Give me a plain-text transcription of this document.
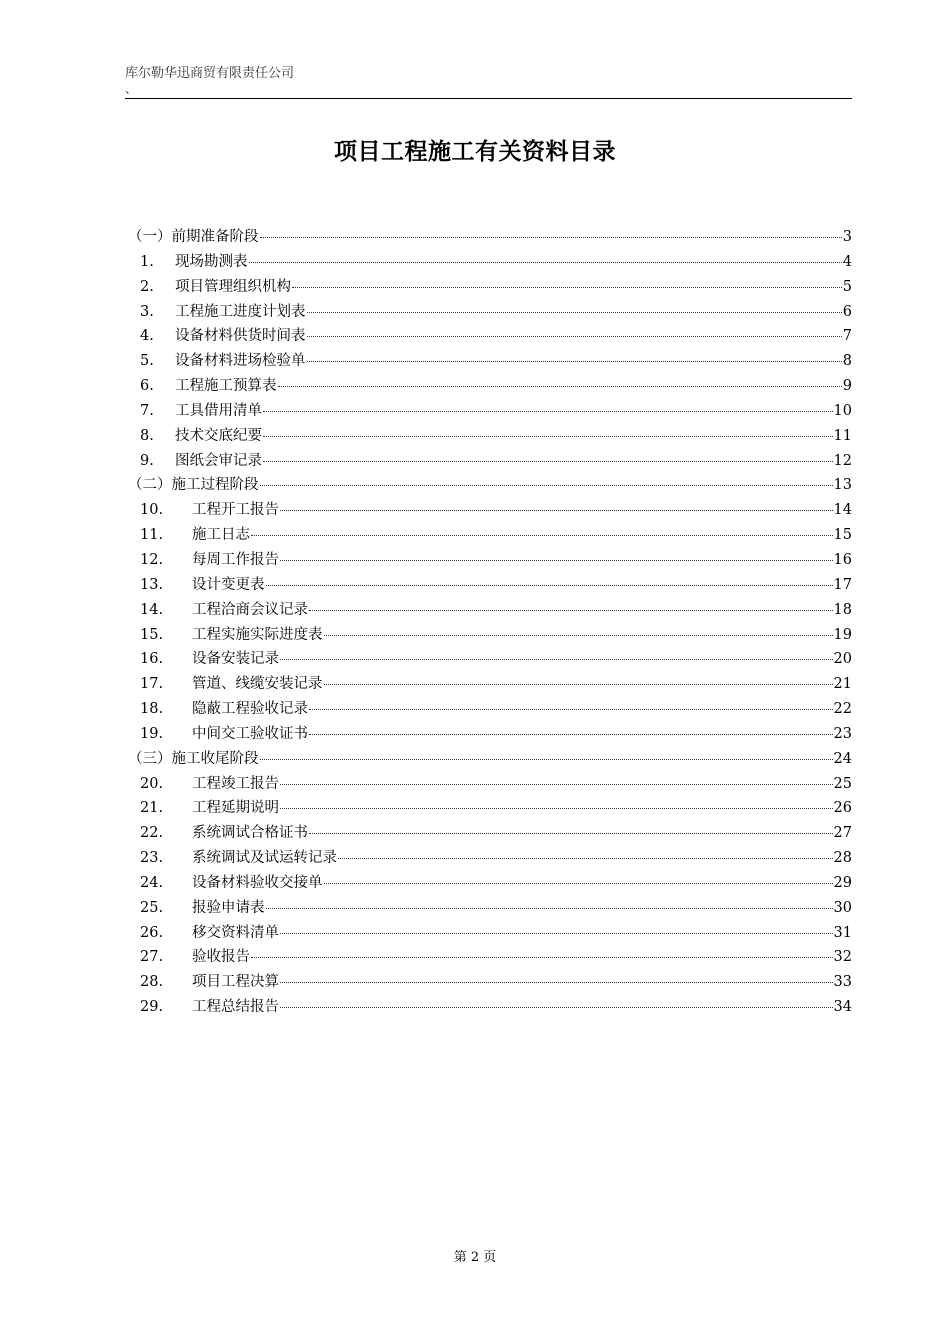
库尔勒华迅商贸有限责任公司
、
项目工程施工有关资料目录
（一）前期准备阶段	3
1.	现场勘测表	4
2.	项目管理组织机构	5
3.	工程施工进度计划表	6
4.	设备材料供货时间表	7
5.	设备材料进场检验单	8
6.	工程施工预算表	9
7.	工具借用清单	10
8.	技术交底纪要	11
9.	图纸会审记录	12
（二）施工过程阶段	13
10.	工程开工报告	14
11.	施工日志	15
12.	每周工作报告	16
13.	设计变更表	17
14.	工程洽商会议记录	18
15.	工程实施实际进度表	19
16.	设备安装记录	20
17.	管道、线缆安装记录	21
18.	隐蔽工程验收记录	22
19.	中间交工验收证书	23
（三）施工收尾阶段	24
20.	工程竣工报告	25
21.	工程延期说明	26
22.	系统调试合格证书	27
23.	系统调试及试运转记录	28
24.	设备材料验收交接单	29
25.	报验申请表	30
26.	移交资料清单	31
27.	验收报告	32
28.	项目工程决算	33
29.	工程总结报告	34
第 2 页
